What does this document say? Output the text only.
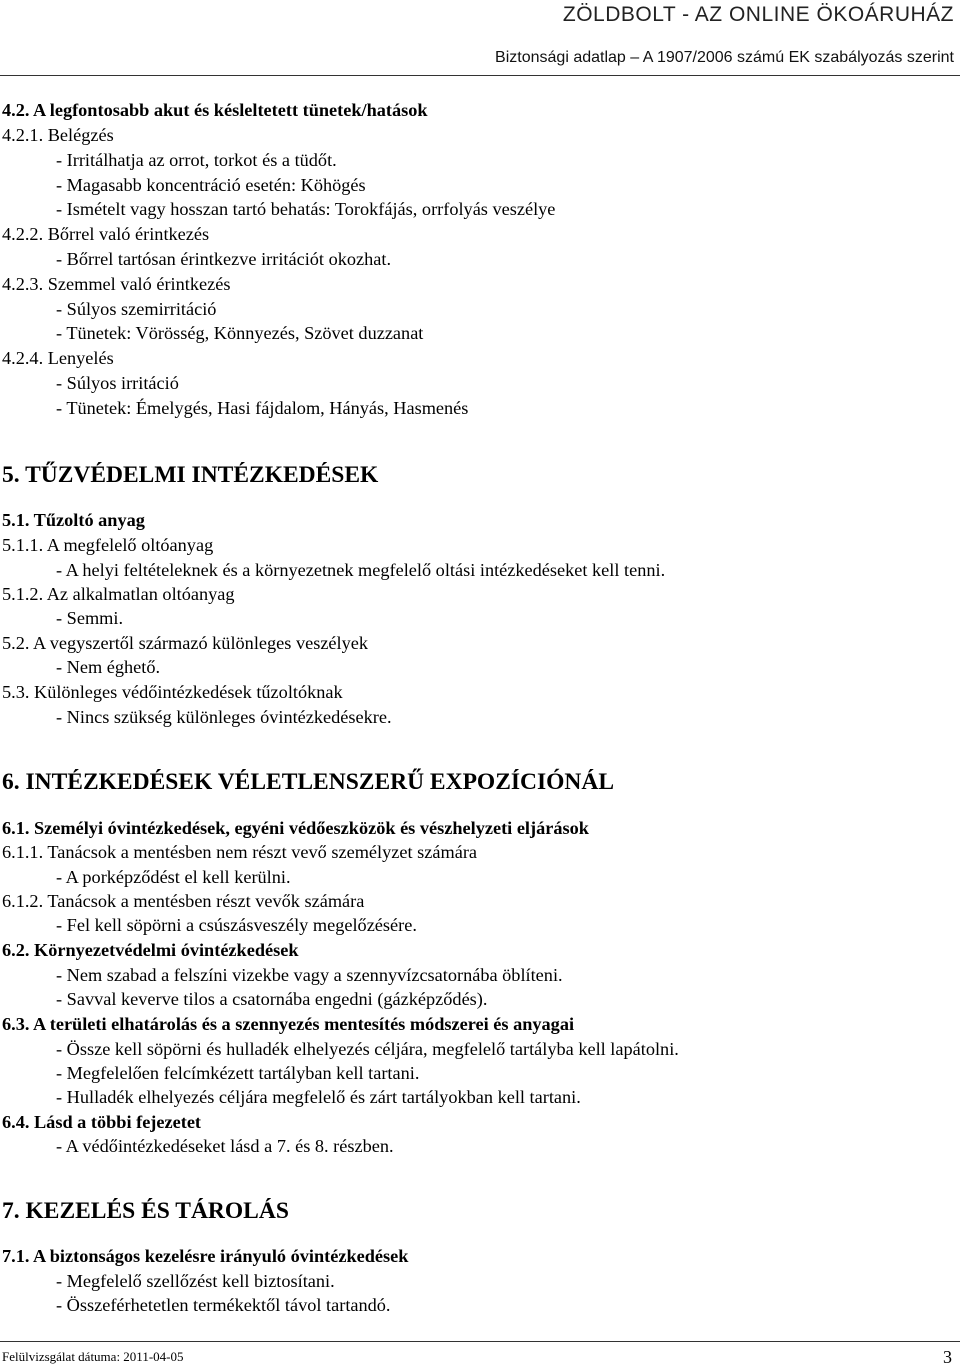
ZÖLDBOLT - AZ ONLINE ÖKOÁRUHÁZ
Biztonsági adatlap – A 1907/2006 számú EK szabályozás szerint
4.2. A legfontosabb akut és késleltetett tünetek/hatások
4.2.1. Belégzés
- Irritálhatja az orrot, torkot és a tüdőt.
- Magasabb koncentráció esetén: Köhögés
- Ismételt vagy hosszan tartó behatás: Torokfájás, orrfolyás veszélye
4.2.2. Bőrrel való érintkezés
- Bőrrel tartósan érintkezve irritációt okozhat.
4.2.3. Szemmel való érintkezés
- Súlyos szemirritáció
- Tünetek: Vörösség, Könnyezés, Szövet duzzanat
4.2.4. Lenyelés
- Súlyos irritáció
- Tünetek: Émelygés, Hasi fájdalom, Hányás, Hasmenés
5. TŰZVÉDELMI INTÉZKEDÉSEK
5.1. Tűzoltó anyag
5.1.1. A megfelelő oltóanyag
- A helyi feltételeknek és a környezetnek megfelelő oltási intézkedéseket kell tenni.
5.1.2. Az alkalmatlan oltóanyag
- Semmi.
5.2. A vegyszertől származó különleges veszélyek
- Nem éghető.
5.3. Különleges védőintézkedések tűzoltóknak
- Nincs szükség különleges óvintézkedésekre.
6. INTÉZKEDÉSEK VÉLETLENSZERŰ EXPOZÍCIÓNÁL
6.1. Személyi óvintézkedések, egyéni védőeszközök és vészhelyzeti eljárások
6.1.1. Tanácsok a mentésben nem részt vevő személyzet számára
- A porképződést el kell kerülni.
6.1.2. Tanácsok a mentésben részt vevők számára
- Fel kell söpörni a csúszásveszély megelőzésére.
6.2. Környezetvédelmi óvintézkedések
- Nem szabad a felszíni vizekbe vagy a szennyvízcsatornába öblíteni.
- Savval keverve tilos a csatornába engedni (gázképződés).
6.3. A területi elhatárolás és a szennyezés mentesítés módszerei és anyagai
- Össze kell söpörni és hulladék elhelyezés céljára, megfelelő tartályba kell lapátolni.
- Megfelelően felcímkézett tartályban kell tartani.
- Hulladék elhelyezés céljára megfelelő és zárt tartályokban kell tartani.
6.4. Lásd a többi fejezetet
- A védőintézkedéseket lásd a 7. és 8. részben.
7. KEZELÉS ÉS TÁROLÁS
7.1. A biztonságos kezelésre irányuló óvintézkedések
- Megfelelő szellőzést kell biztosítani.
- Összeférhetetlen termékektől távol tartandó.
Felülvizsgálat dátuma: 2011-04-05	3
